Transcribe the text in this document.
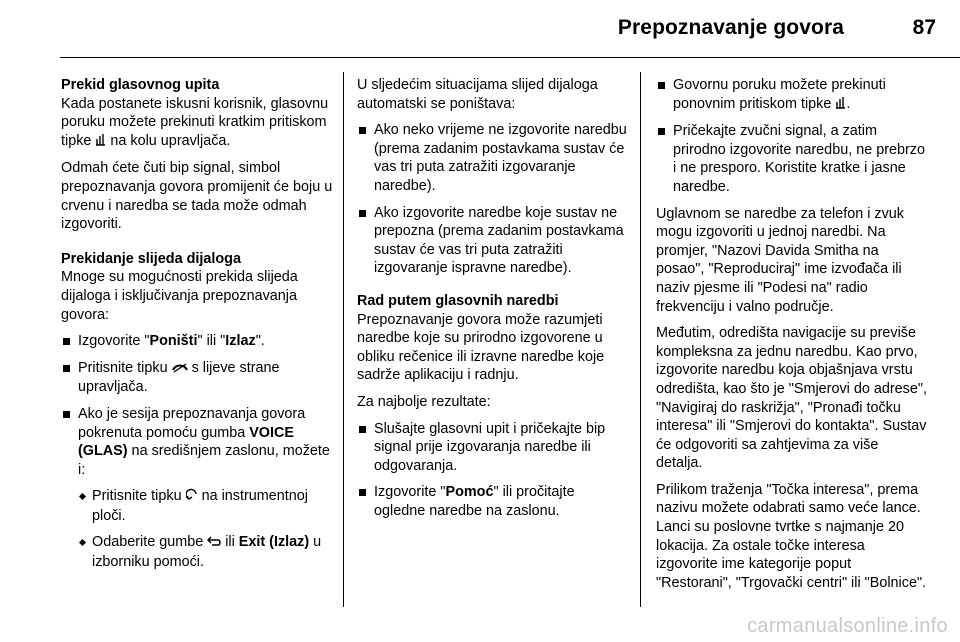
Prepoznavanje govora	87
Prekid glasovnog upita

Kada postanete iskusni korisnik, glasovnu poruku možete prekinuti kratkim pritiskom tipke  na kolu upravljača.

Odmah ćete čuti bip signal, simbol prepoznavanja govora promijenit će boju u crvenu i naredba se tada može odmah izgovoriti.

Prekidanje slijeda dijaloga

Mnoge su mogućnosti prekida slijeda dijaloga i isključivanja prepoznavanja govora:

Izgovorite "Poništi" ili "Izlaz".
Pritisnite tipku  s lijeve strane upravljača.
Ako je sesija prepoznavanja govora pokrenuta pomoću gumba VOICE (GLAS) na središnjem zaslonu, možete i:
Pritisnite tipku  na instrumentnoj ploči.
Odaberite gumbe  ili Exit (Izlaz) u izborniku pomoći.

U sljedećim situacijama slijed dijaloga automatski se poništava:

Ako neko vrijeme ne izgovorite naredbu (prema zadanim postavkama sustav će vas tri puta zatražiti izgovaranje naredbe).
Ako izgovorite naredbe koje sustav ne prepozna (prema zadanim postavkama sustav će vas tri puta zatražiti izgovaranje ispravne naredbe).
Rad putem glasovnih naredbi

Prepoznavanje govora može razumjeti naredbe koje su prirodno izgovorene u obliku rečenice ili izravne naredbe koje sadrže aplikaciju i radnju.

Za najbolje rezultate:

Slušajte glasovni upit i pričekajte bip signal prije izgovaranja naredbe ili odgovaranja.
Izgovorite "Pomoć" ili pročitajte ogledne naredbe na zaslonu.
Govornu poruku možete prekinuti ponovnim pritiskom tipke .
Pričekajte zvučni signal, a zatim prirodno izgovorite naredbu, ne prebrzo i ne presporo. Koristite kratke i jasne naredbe.

Uglavnom se naredbe za telefon i zvuk mogu izgovoriti u jednoj naredbi. Na promjer, "Nazovi Davida Smitha na posao", "Reproduciraj" ime izvođača ili naziv pjesme ili "Podesi na" radio frekvenciju i valno područje.

Međutim, odredišta navigacije su previše kompleksna za jednu naredbu. Kao prvo, izgovorite naredbu koja objašnjava vrstu odredišta, kao što je "Smjerovi do adrese", "Navigiraj do raskrižja", "Pronađi točku interesa" ili "Smjerovi do kontakta". Sustav će odgovoriti sa zahtjevima za više detalja.

Prilikom traženja "Točka interesa", prema nazivu možete odabrati samo veće lance. Lanci su poslovne tvrtke s najmanje 20 lokacija. Za ostale točke interesa izgovorite ime kategorije poput "Restorani", "Trgovački centri" ili "Bolnice".

carmanualsonline.info
